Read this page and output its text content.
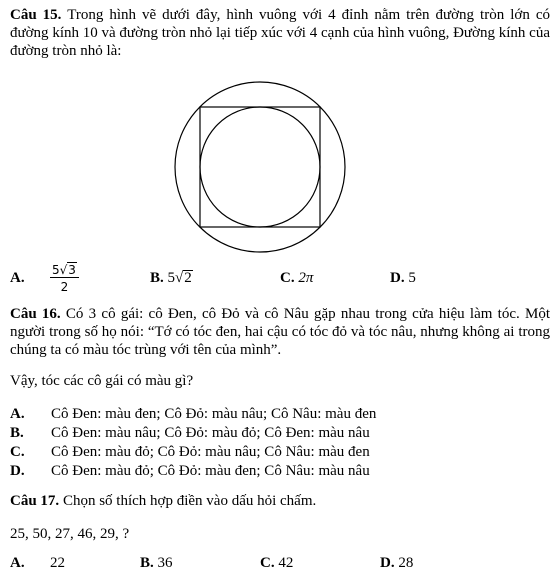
Câu 15. Trong hình vẽ dưới đây, hình vuông với 4 đỉnh nằm trên đường tròn lớn có đường kính 10 và đường tròn nhỏ lại tiếp xúc với 4 cạnh của hình vuông, Đường kính của đường tròn nhỏ là:
A. $\frac{5√3}{2}$	B. 5√2	C. 2π	D. 5
Câu 16. Có 3 cô gái: cô Đen, cô Đỏ và cô Nâu gặp nhau trong cửa hiệu làm tóc. Một người trong số họ nói: “Tớ có tóc đen, hai cậu có tóc đỏ và tóc nâu, nhưng không ai trong chúng ta có màu tóc trùng với tên của mình”.
Vậy, tóc các cô gái có màu gì?
A. Cô Đen: màu đen; Cô Đỏ: màu nâu; Cô Nâu: màu đen
B. Cô Đen: màu nâu; Cô Đỏ: màu đỏ; Cô Đen: màu nâu
C. Cô Đen: màu đỏ; Cô Đỏ: màu nâu; Cô Nâu: màu đen
D. Cô Đen: màu đỏ; Cô Đỏ: màu đen; Cô Nâu: màu nâu
Câu 17. Chọn số thích hợp điền vào dấu hỏi chấm.
25, 50, 27, 46, 29, ?
A. 22	B. 36	C. 42	D. 28
